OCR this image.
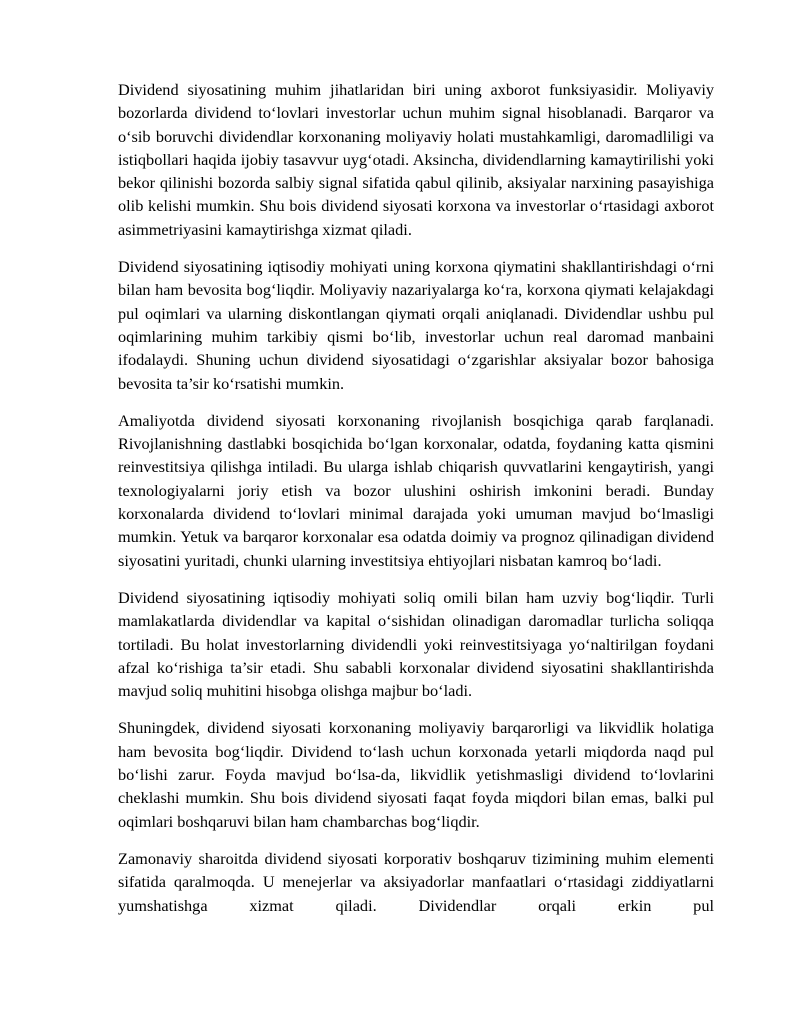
Dividend siyosatining muhim jihatlaridan biri uning axborot funksiyasidir. Moliyaviy bozorlarda dividend to‘lovlari investorlar uchun muhim signal hisoblanadi. Barqaror va o‘sib boruvchi dividendlar korxonaning moliyaviy holati mustahkamligi, daromadliligi va istiqbollari haqida ijobiy tasavvur uyg‘otadi. Aksincha, dividendlarning kamaytirilishi yoki bekor qilinishi bozorda salbiy signal sifatida qabul qilinib, aksiyalar narxining pasayishiga olib kelishi mumkin. Shu bois dividend siyosati korxona va investorlar o‘rtasidagi axborot asimmetriyasini kamaytirishga xizmat qiladi.

Dividend siyosatining iqtisodiy mohiyati uning korxona qiymatini shakllantirishdagi o‘rni bilan ham bevosita bog‘liqdir. Moliyaviy nazariyalarga ko‘ra, korxona qiymati kelajakdagi pul oqimlari va ularning diskontlangan qiymati orqali aniqlanadi. Dividendlar ushbu pul oqimlarining muhim tarkibiy qismi bo‘lib, investorlar uchun real daromad manbaini ifodalaydi. Shuning uchun dividend siyosatidagi o‘zgarishlar aksiyalar bozor bahosiga bevosita ta’sir ko‘rsatishi mumkin.

Amaliyotda dividend siyosati korxonaning rivojlanish bosqichiga qarab farqlanadi. Rivojlanishning dastlabki bosqichida bo‘lgan korxonalar, odatda, foydaning katta qismini reinvestitsiya qilishga intiladi. Bu ularga ishlab chiqarish quvvatlarini kengaytirish, yangi texnologiyalarni joriy etish va bozor ulushini oshirish imkonini beradi. Bunday korxonalarda dividend to‘lovlari minimal darajada yoki umuman mavjud bo‘lmasligi mumkin. Yetuk va barqaror korxonalar esa odatda doimiy va prognoz qilinadigan dividend siyosatini yuritadi, chunki ularning investitsiya ehtiyojlari nisbatan kamroq bo‘ladi.

Dividend siyosatining iqtisodiy mohiyati soliq omili bilan ham uzviy bog‘liqdir. Turli mamlakatlarda dividendlar va kapital o‘sishidan olinadigan daromadlar turlicha soliqqa tortiladi. Bu holat investorlarning dividendli yoki reinvestitsiyaga yo‘naltirilgan foydani afzal ko‘rishiga ta’sir etadi. Shu sababli korxonalar dividend siyosatini shakllantirishda mavjud soliq muhitini hisobga olishga majbur bo‘ladi.

Shuningdek, dividend siyosati korxonaning moliyaviy barqarorligi va likvidlik holatiga ham bevosita bog‘liqdir. Dividend to‘lash uchun korxonada yetarli miqdorda naqd pul bo‘lishi zarur. Foyda mavjud bo‘lsa-da, likvidlik yetishmasligi dividend to‘lovlarini cheklashi mumkin. Shu bois dividend siyosati faqat foyda miqdori bilan emas, balki pul oqimlari boshqaruvi bilan ham chambarchas bog‘liqdir.

Zamonaviy sharoitda dividend siyosati korporativ boshqaruv tizimining muhim elementi sifatida qaralmoqda. U menejerlar va aksiyadorlar manfaatlari o‘rtasidagi ziddiyatlarni yumshatishga xizmat qiladi. Dividendlar orqali erkin pul
